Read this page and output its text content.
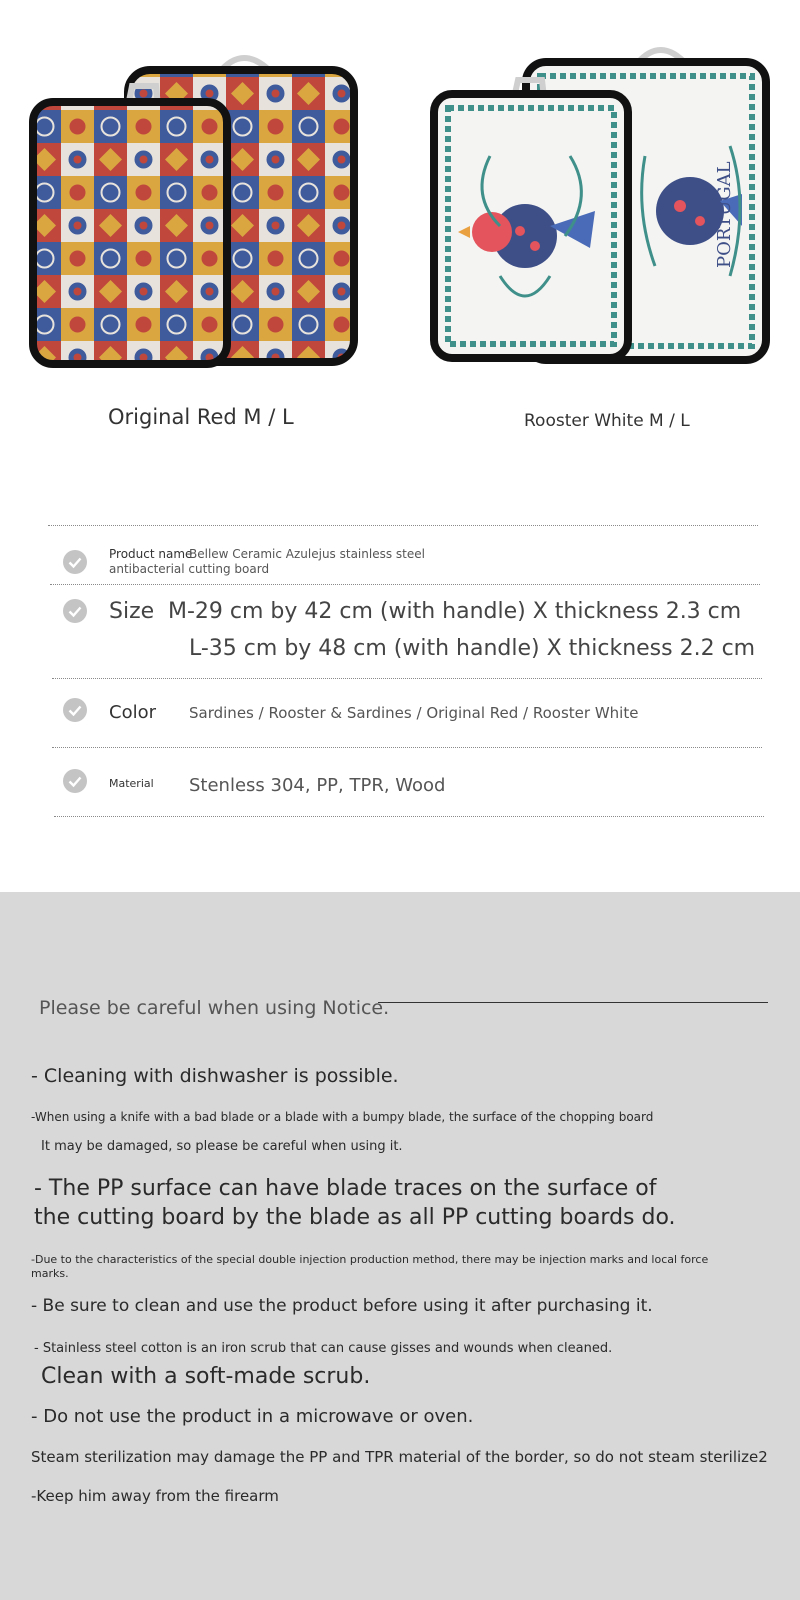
PORTUGAL
Original Red M / L	Rooster White M / L
Product name
Bellew Ceramic Azulejus stainless steel antibacterial cutting board
Size M-29 cm by 42 cm (with handle) X thickness 2.3 cm
L-35 cm by 48 cm (with handle) X thickness 2.2 cm
Color Sardines / Rooster & Sardines / Original Red / Rooster White
Material Stenless 304, PP, TPR, Wood
Please be careful when using Notice.
- Cleaning with dishwasher is possible.
-When using a knife with a bad blade or a blade with a bumpy blade, the surface of the chopping board
It may be damaged, so please be careful when using it.
- The PP surface can have blade traces on the surface of
the cutting board by the blade as all PP cutting boards do.
-Due to the characteristics of the special double injection production method, there may be injection marks and local force
marks.
- Be sure to clean and use the product before using it after purchasing it.
- Stainless steel cotton is an iron scrub that can cause gisses and wounds when cleaned.
Clean with a soft-made scrub.
- Do not use the product in a microwave or oven.
Steam sterilization may damage the PP and TPR material of the border, so do not steam sterilize2
-Keep him away from the firearm
